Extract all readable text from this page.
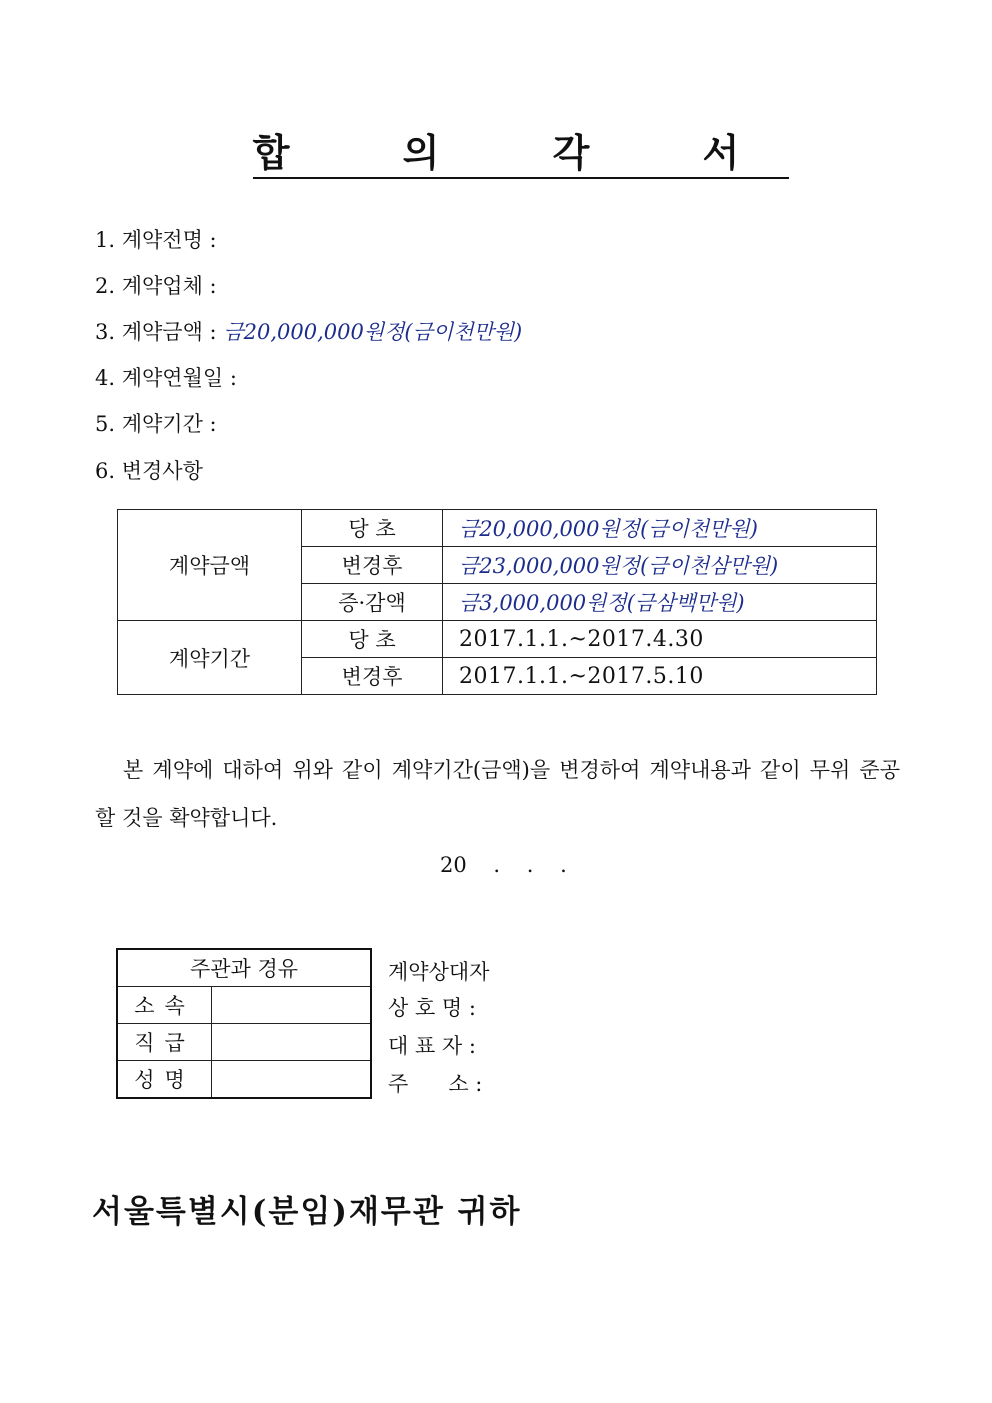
합 의 각 서
1. 계약전명 :
2. 계약업체 :
3. 계약금액 : 금20,000,000원정(금이천만원)
4. 계약연월일 :
5. 계약기간 :
6. 변경사항
계약금액	당 초	금20,000,000원정(금이천만원)
	변경후	금23,000,000원정(금이천삼만원)
	증·감액	금3,000,000원정(금삼백만원)
계약기간	당 초	2017.1.1.~2017.4.30
	변경후	2017.1.1.~2017.5.10
본 계약에 대하여 위와 같이 계약기간(금액)을 변경하여 계약내용과 같이 무위 준공
할 것을 확약합니다.
20 . . .
주관과 경유	
소속	
직급	
성명	
계약상대자
상 호 명 :
대 표 자 :
주      소 :
서울특별시(분임)재무관 귀하
